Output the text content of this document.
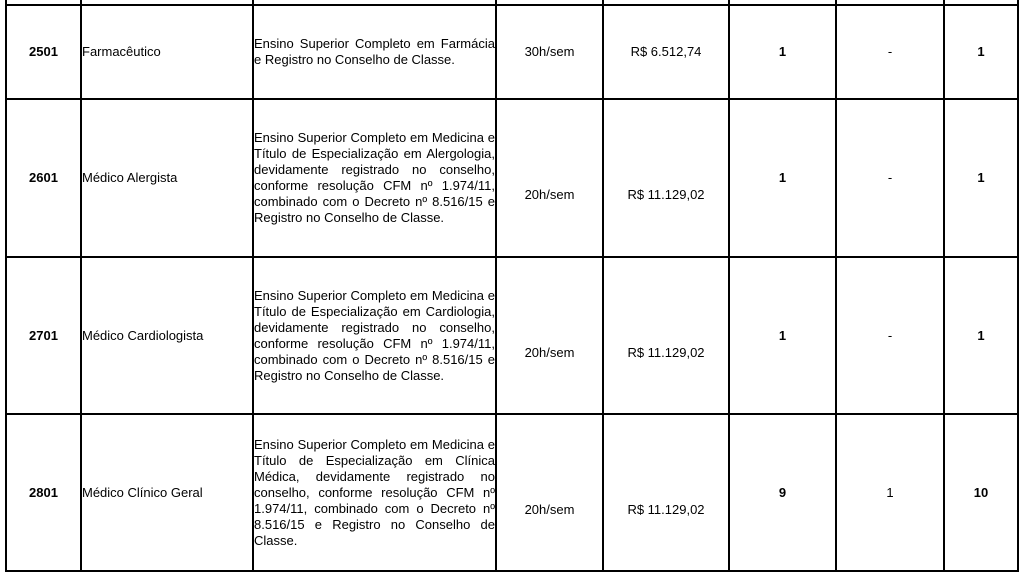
2501	Farmacêutico	Ensino Superior Completo em Farmácia e Registro no Conselho de Classe.	30h/sem	R$ 6.512,74	1	-	1
2601	Médico Alergista	Ensino Superior Completo em Medicina e Título de Especialização em Alergologia, devidamente registrado no conselho, conforme resolução CFM nº 1.974/11, combinado com o Decreto nº 8.516/15 e Registro no Conselho de Classe.	20h/sem	R$ 11.129,02	1	-	1
2701	Médico Cardiologista	Ensino Superior Completo em Medicina e Título de Especialização em Cardiologia, devidamente registrado no conselho, conforme resolução CFM nº 1.974/11, combinado com o Decreto nº 8.516/15 e Registro no Conselho de Classe.	20h/sem	R$ 11.129,02	1	-	1
2801	Médico Clínico Geral	Ensino Superior Completo em Medicina e Título de Especialização em Clínica Médica, devidamente registrado no conselho, conforme resolução CFM nº 1.974/11, combinado com o Decreto nº 8.516/15 e Registro no Conselho de Classe.	20h/sem	R$ 11.129,02	9	1	10
